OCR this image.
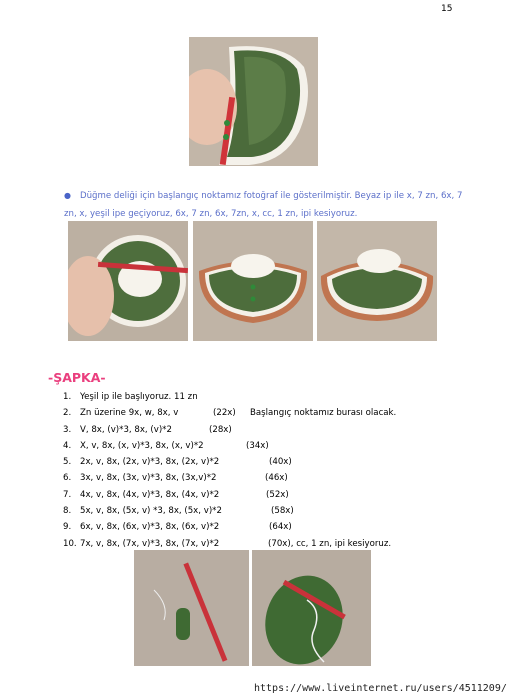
15
● Düğme deliği için başlangıç noktamız fotoğraf ile gösterilmiştir. Beyaz ip ile x, 7 zn, 6x, 7 zn, x, yeşil ipe geçiyoruz, 6x, 7 zn, 6x, 7zn, x, cc, 1 zn, ipi kesiyoruz.
-ŞAPKA-
1. Yeşil ip ile başlıyoruz. 11 zn
2. Zn üzerine 9x, w, 8x, v	(22x) Başlangıç noktamız burası olacak.
3. V, 8x, (v)*3, 8x, (v)*2	(28x)
4. X, v, 8x, (x, v)*3, 8x, (x, v)*2	(34x)
5. 2x, v, 8x, (2x, v)*3, 8x, (2x, v)*2	(40x)
6. 3x, v, 8x, (3x, v)*3, 8x, (3x,v)*2	(46x)
7. 4x, v, 8x, (4x, v)*3, 8x, (4x, v)*2	(52x)
8. 5x, v, 8x, (5x, v) *3, 8x, (5x, v)*2	(58x)
9. 6x, v, 8x, (6x, v)*3, 8x, (6x, v)*2	(64x)
10. 7x, v, 8x, (7x, v)*3, 8x, (7x, v)*2	(70x), cc, 1 zn, ipi kesiyoruz.
https://www.liveinternet.ru/users/4511209/
